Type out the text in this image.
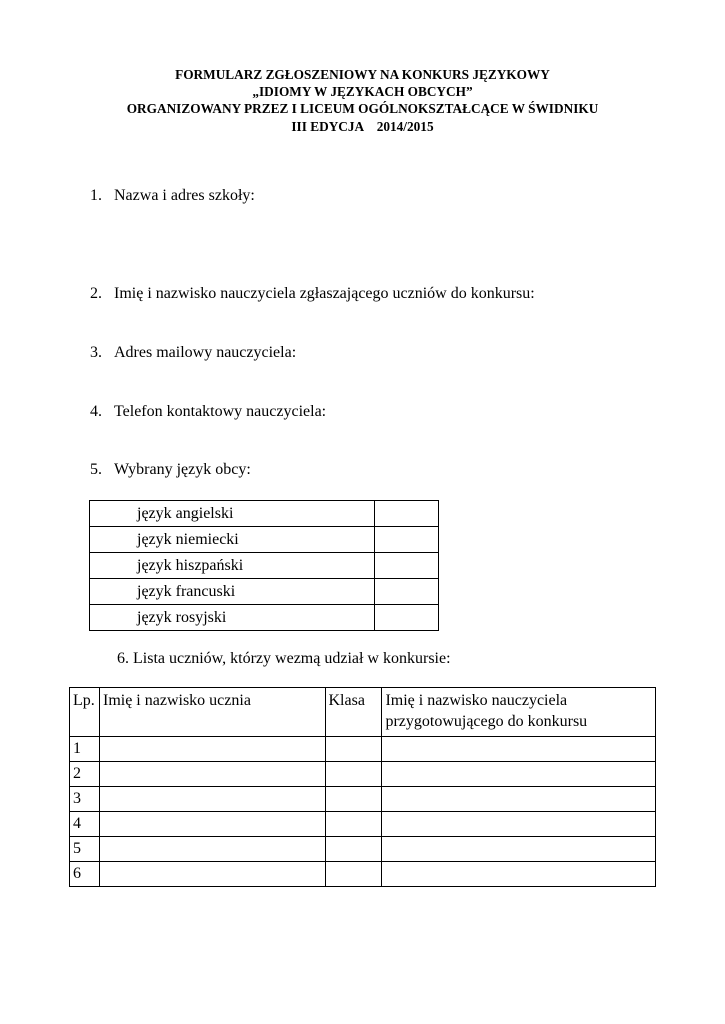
FORMULARZ ZGŁOSZENIOWY NA KONKURS JĘZYKOWY
„IDIOMY W JĘZYKACH OBCYCH”
ORGANIZOWANY PRZEZ I LICEUM OGÓLNOKSZTAŁCĄCE W ŚWIDNIKU
III EDYCJA    2014/2015
1. Nazwa i adres szkoły:
2. Imię i nazwisko nauczyciela zgłaszającego uczniów do konkursu:
3. Adres mailowy nauczyciela:
4. Telefon kontaktowy nauczyciela:
5. Wybrany język obcy:
język angielski	
język niemiecki	
język hiszpański	
język francuski	
język rosyjski	
6. Lista uczniów, którzy wezmą udział w konkursie:
Lp.	Imię i nazwisko ucznia	Klasa	Imię i nazwisko nauczyciela przygotowującego do konkursu
1			
2			
3			
4			
5			
6			
